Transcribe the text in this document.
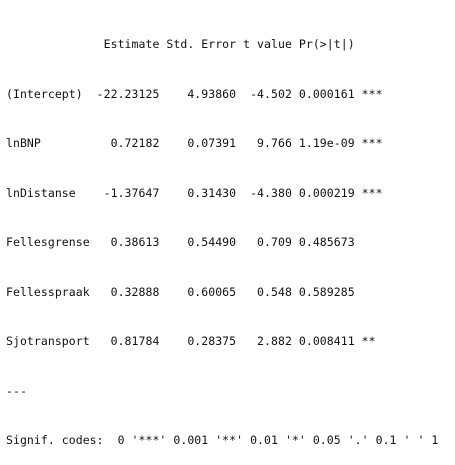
Estimate Std. Error t value Pr(>|t|)

(Intercept)  -22.23125    4.93860  -4.502 0.000161 ***

lnBNP          0.72182    0.07391   9.766 1.19e-09 ***

lnDistanse    -1.37647    0.31430  -4.380 0.000219 ***

Fellesgrense   0.38613    0.54490   0.709 0.485673

Fellesspraak   0.32888    0.60065   0.548 0.589285

Sjotransport   0.81784    0.28375   2.882 0.008411 **

---

Signif. codes:  0 '***' 0.001 '**' 0.01 '*' 0.05 '.' 0.1 ' ' 1
